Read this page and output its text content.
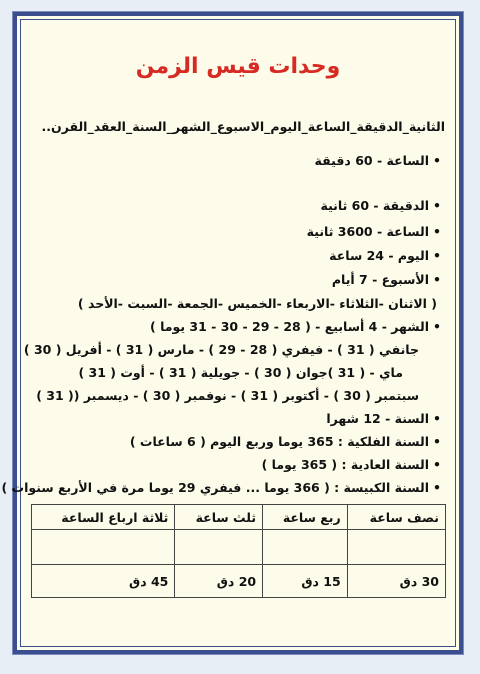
وحدات قيس الزمن
الثانية_الدقيقة_الساعة_اليوم_الاسبوع_الشهر_السنة_العقد_القرن..
•الساعة - 60 دقيقة
•الدقيقة - 60 ثانية
•الساعة - 3600 ثانية
•اليوم - 24 ساعة
•الأسبوع - 7 أيام
( الاثنان -الثلاثاء -الاربعاء -الخميس -الجمعة -السبت -الأحد )
•الشهر - 4 أسابيع - ( 28 - 29 - 30 - 31 يوما )
جانفي ( 31 ) - فيفري ( 28 - 29 ) - مارس ( 31 ) - أفريل ( 30 )
ماي - ( 31 )جوان ( 30 ) - جويلية ( 31 ) - أوت ( 31 )
سبتمبر ( 30 ) - أكتوبر ( 31 ) - نوفمبر ( 30 ) - ديسمبر (( 31 )
•السنة - 12 شهرا
•السنة الفلكية : 365 يوما وربع اليوم ( 6 ساعات )
•السنة العادية : ( 365 يوما )
•السنة الكبيسة : ( 366 يوما ... فيفري 29 يوما مرة في الأربع سنوات )
نصف ساعة	ربع ساعة	ثلث ساعة	ثلاثة ارباع الساعة

30 دق	15 دق	20 دق	45 دق
